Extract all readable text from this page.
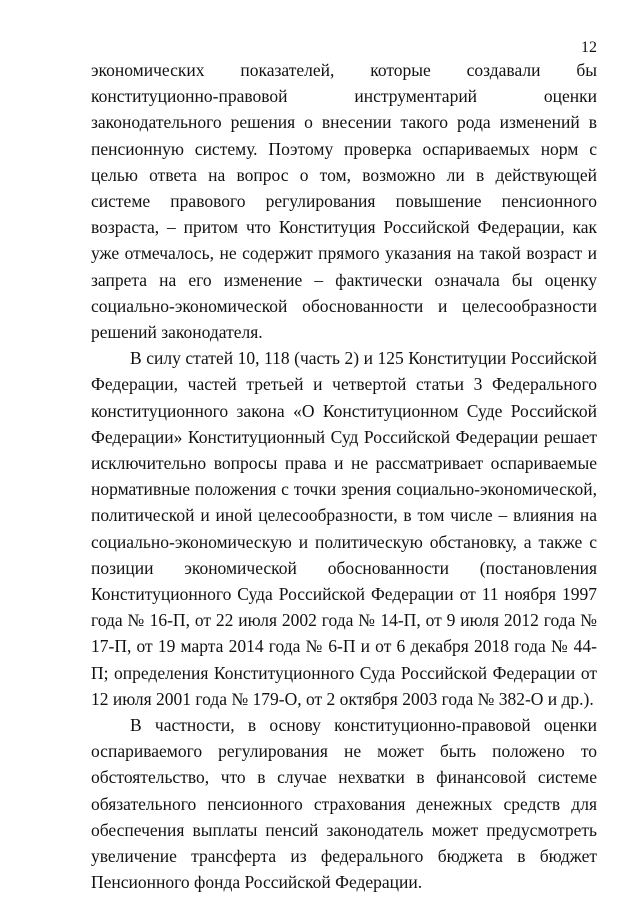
12

экономических показателей, которые создавали бы конституционно-правовой инструментарий оценки законодательного решения о внесении такого рода изменений в пенсионную систему. Поэтому проверка оспариваемых норм с целью ответа на вопрос о том, возможно ли в действующей системе правового регулирования повышение пенсионного возраста, – притом что Конституция Российской Федерации, как уже отмечалось, не содержит прямого указания на такой возраст и запрета на его изменение – фактически означала бы оценку социально-экономической обоснованности и целесообразности решений законодателя.

В силу статей 10, 118 (часть 2) и 125 Конституции Российской Федерации, частей третьей и четвертой статьи 3 Федерального конституционного закона «О Конституционном Суде Российской Федерации» Конституционный Суд Российской Федерации решает исключительно вопросы права и не рассматривает оспариваемые нормативные положения с точки зрения социально-экономической, политической и иной целесообразности, в том числе – влияния на социально-экономическую и политическую обстановку, а также с позиции экономической обоснованности (постановления Конституционного Суда Российской Федерации от 11 ноября 1997 года № 16-П, от 22 июля 2002 года № 14-П, от 9 июля 2012 года № 17-П, от 19 марта 2014 года № 6-П и от 6 декабря 2018 года № 44-П; определения Конституционного Суда Российской Федерации от 12 июля 2001 года № 179-О, от 2 октября 2003 года № 382-О и др.).

В частности, в основу конституционно-правовой оценки оспариваемого регулирования не может быть положено то обстоятельство, что в случае нехватки в финансовой системе обязательного пенсионного страхования денежных средств для обеспечения выплаты пенсий законодатель может предусмотреть увеличение трансферта из федерального бюджета в бюджет Пенсионного фонда Российской Федерации.
